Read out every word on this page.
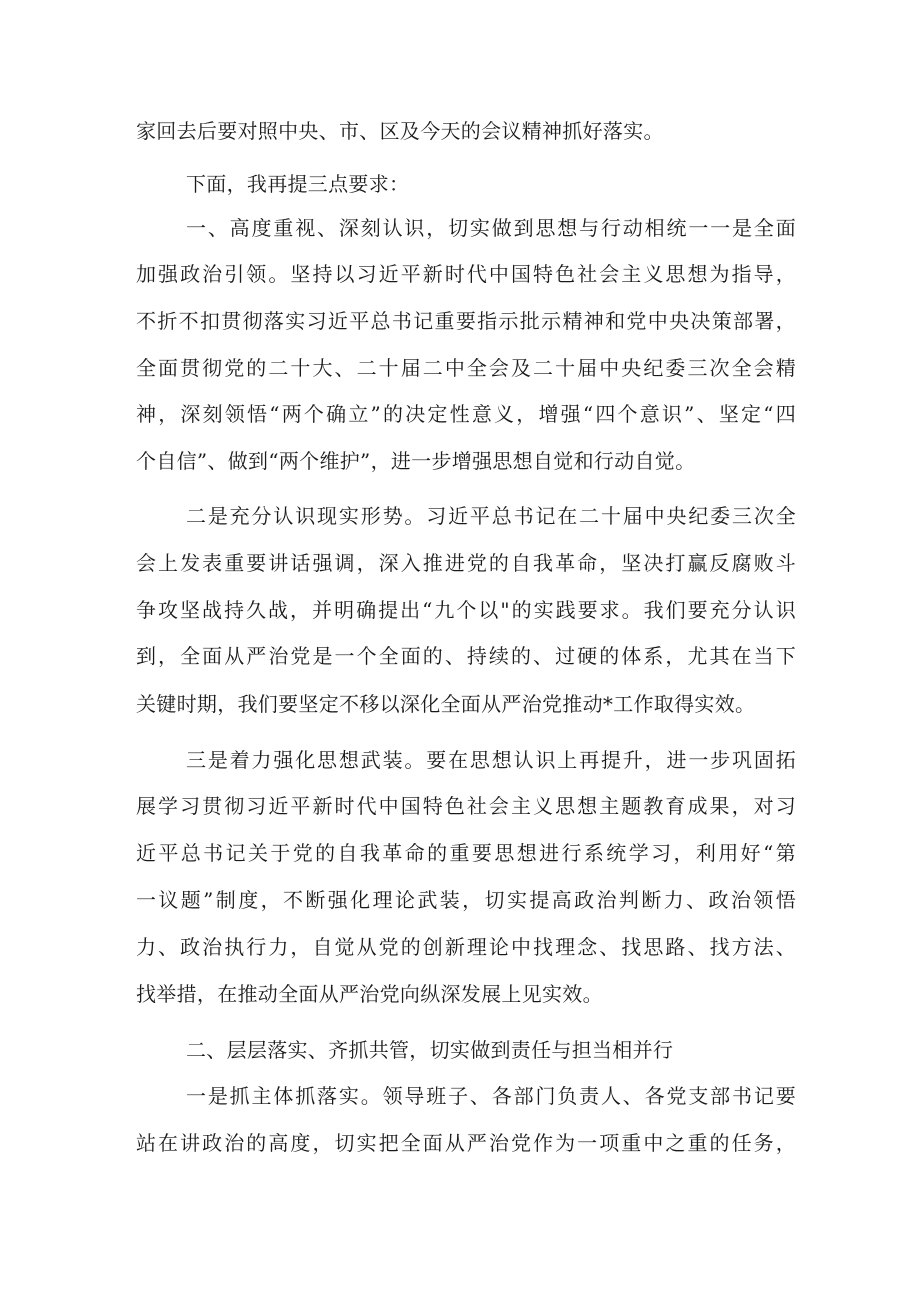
家回去后要对照中央、市、区及今天的会议精神抓好落实。

下面，我再提三点要求：

一、高度重视、深刻认识，切实做到思想与行动相统一一是全面

加强政治引领。坚持以习近平新时代中国特色社会主义思想为指导，

不折不扣贯彻落实习近平总书记重要指示批示精神和党中央决策部署，

全面贯彻党的二十大、二十届二中全会及二十届中央纪委三次全会精

神，深刻领悟“两个确立”的决定性意义，增强“四个意识”、坚定“四

个自信”、做到“两个维护”，进一步增强思想自觉和行动自觉。

二是充分认识现实形势。习近平总书记在二十届中央纪委三次全

会上发表重要讲话强调，深入推进党的自我革命，坚决打赢反腐败斗

争攻坚战持久战，并明确提出“九个以"的实践要求。我们要充分认识

到，全面从严治党是一个全面的、持续的、过硬的体系，尤其在当下

关键时期，我们要坚定不移以深化全面从严治党推动*工作取得实效。

三是着力强化思想武装。要在思想认识上再提升，进一步巩固拓

展学习贯彻习近平新时代中国特色社会主义思想主题教育成果，对习

近平总书记关于党的自我革命的重要思想进行系统学习，利用好“第

一议题”制度，不断强化理论武装，切实提高政治判断力、政治领悟

力、政治执行力，自觉从党的创新理论中找理念、找思路、找方法、

找举措，在推动全面从严治党向纵深发展上见实效。

二、层层落实、齐抓共管，切实做到责任与担当相并行

一是抓主体抓落实。领导班子、各部门负责人、各党支部书记要

站在讲政治的高度，切实把全面从严治党作为一项重中之重的任务，
